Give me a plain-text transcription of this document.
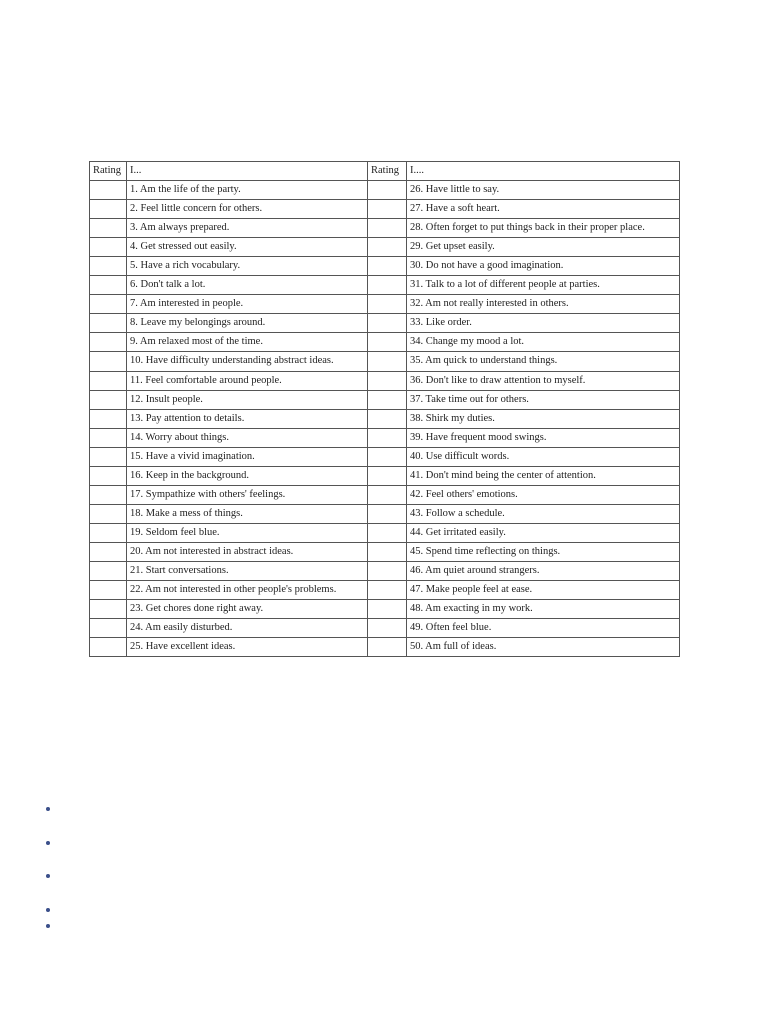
Rating	I...	Rating	I....
	1. Am the life of the party.		26. Have little to say.
	2. Feel little concern for others.		27. Have a soft heart.
	3. Am always prepared.		28. Often forget to put things back in their proper place.
	4. Get stressed out easily.		29. Get upset easily.
	5. Have a rich vocabulary.		30. Do not have a good imagination.
	6. Don't talk a lot.		31. Talk to a lot of different people at parties.
	7. Am interested in people.		32. Am not really interested in others.
	8. Leave my belongings around.		33. Like order.
	9. Am relaxed most of the time.		34. Change my mood a lot.
	10. Have difficulty understanding abstract ideas.		35. Am quick to understand things.
	11. Feel comfortable around people.		36. Don't like to draw attention to myself.
	12. Insult people.		37. Take time out for others.
	13. Pay attention to details.		38. Shirk my duties.
	14. Worry about things.		39. Have frequent mood swings.
	15. Have a vivid imagination.		40. Use difficult words.
	16. Keep in the background.		41. Don't mind being the center of attention.
	17. Sympathize with others' feelings.		42. Feel others' emotions.
	18. Make a mess of things.		43. Follow a schedule.
	19. Seldom feel blue.		44. Get irritated easily.
	20. Am not interested in abstract ideas.		45. Spend time reflecting on things.
	21. Start conversations.		46. Am quiet around strangers.
	22. Am not interested in other people's problems.		47. Make people feel at ease.
	23. Get chores done right away.		48. Am exacting in my work.
	24. Am easily disturbed.		49. Often feel blue.
	25. Have excellent ideas.		50. Am full of ideas.
